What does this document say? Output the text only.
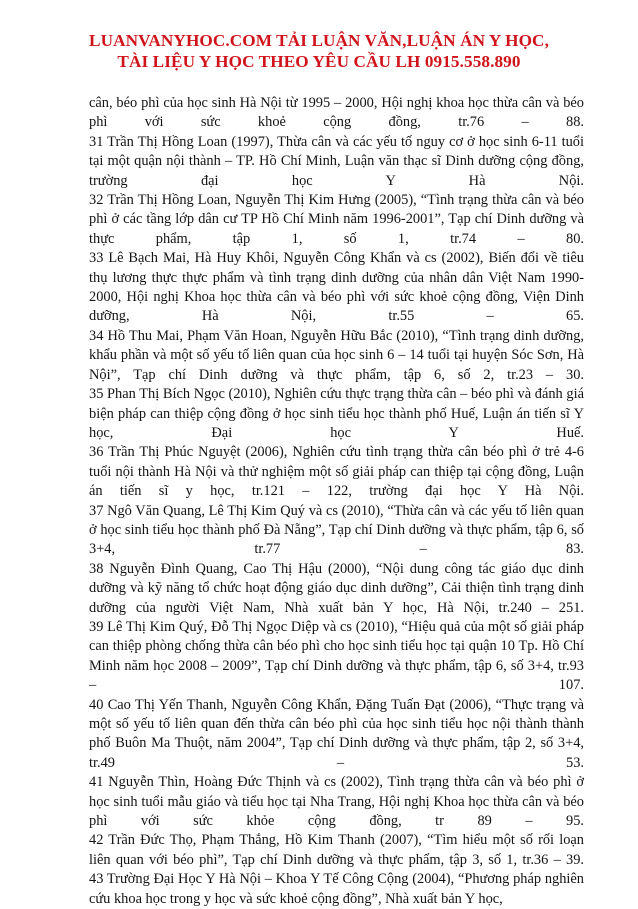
LUANVANYHOC.COM TẢI LUẬN VĂN,LUẬN ÁN Y HỌC,
TÀI LIỆU Y HỌC THEO YÊU CẦU LH 0915.558.890

cân, béo phì của học sinh Hà Nội từ 1995 – 2000, Hội nghị khoa học thừa cân và béo phì với sức khoẻ cộng đồng, tr.76 – 88.

31 Trần Thị Hồng Loan (1997), Thừa cân và các yếu tố nguy cơ ở học sinh 6-11 tuổi tại một quận nội thành – TP. Hồ Chí Minh, Luận văn thạc sĩ Dinh dưỡng cộng đồng, trường đại học Y Hà Nội.

32 Trần Thị Hồng Loan, Nguyễn Thị Kim Hưng (2005), “Tình trạng thừa cân và béo phì ở các tầng lớp dân cư TP Hồ Chí Minh năm 1996-2001”, Tạp chí Dinh dưỡng và thực phẩm, tập 1, số 1, tr.74 – 80.

33 Lê Bạch Mai, Hà Huy Khôi, Nguyễn Công Khẩn và cs (2002), Biến đổi về tiêu thụ lương thực thực phẩm và tình trạng dinh dưỡng của nhân dân Việt Nam 1990-2000, Hội nghị Khoa học thừa cân và béo phì với sức khoẻ cộng đồng, Viện Dinh dưỡng, Hà Nội, tr.55 – 65.

34 Hồ Thu Mai, Phạm Văn Hoan, Nguyễn Hữu Bắc (2010), “Tình trạng dinh dưỡng, khẩu phần và một số yếu tố liên quan của học sinh 6 – 14 tuổi tại huyện Sóc Sơn, Hà Nội”, Tạp chí Dinh dưỡng và thực phẩm, tập 6, số 2, tr.23 – 30.

35 Phan Thị Bích Ngọc (2010), Nghiên cứu thực trạng thừa cân – béo phì và đánh giá biện pháp can thiệp cộng đồng ở học sinh tiểu học thành phố Huế, Luận án tiến sĩ Y học, Đại học Y Huế.

36 Trần Thị Phúc Nguyệt (2006), Nghiên cứu tình trạng thừa cân béo phì ở trẻ 4-6 tuổi nội thành Hà Nội và thử nghiệm một số giải pháp can thiệp tại cộng đồng, Luận án tiến sĩ y học, tr.121 – 122, trường đại học Y Hà Nội.

37 Ngô Văn Quang, Lê Thị Kim Quý và cs (2010), “Thừa cân và các yếu tố liên quan ở học sinh tiểu học thành phố Đà Nẵng”, Tạp chí Dinh dưỡng và thực phẩm, tập 6, số 3+4, tr.77 – 83.

38 Nguyễn Đình Quang, Cao Thị Hậu (2000), “Nội dung công tác giáo dục dinh dưỡng và kỹ năng tổ chức hoạt động giáo dục dinh dưỡng”, Cải thiện tình trạng dinh dưỡng của người Việt Nam, Nhà xuất bản Y học, Hà Nội, tr.240 – 251.

39 Lê Thị Kim Quý, Đỗ Thị Ngọc Diệp và cs (2010), “Hiệu quả của một số giải pháp can thiệp phòng chống thừa cân béo phì cho học sinh tiểu học tại quận 10 Tp. Hồ Chí Minh năm học 2008 – 2009”, Tạp chí Dinh dưỡng và thực phẩm, tập 6, số 3+4, tr.93 – 107.

40 Cao Thị Yến Thanh, Nguyễn Công Khẩn, Đặng Tuấn Đạt (2006), “Thực trạng và một số yếu tố liên quan đến thừa cân béo phì của học sinh tiểu học nội thành thành phố Buôn Ma Thuột, năm 2004”, Tạp chí Dinh dưỡng và thực phẩm, tập 2, số 3+4, tr.49 – 53.

41 Nguyễn Thìn, Hoàng Đức Thịnh và cs (2002), Tình trạng thừa cân và béo phì ở học sinh tuổi mẫu giáo và tiểu học tại Nha Trang, Hội nghị Khoa học thừa cân và béo phì với sức khỏe cộng đồng, tr 89 – 95.

42 Trần Đức Thọ, Phạm Thắng, Hồ Kim Thanh (2007), “Tìm hiểu một số rối loạn liên quan với béo phì”, Tạp chí Dinh dưỡng và thực phẩm, tập 3, số 1, tr.36 – 39.

43 Trường Đại Học Y Hà Nội – Khoa Y Tế Công Cộng (2004), “Phương pháp nghiên cứu khoa học trong y học và sức khoẻ cộng đồng”, Nhà xuất bản Y học,
